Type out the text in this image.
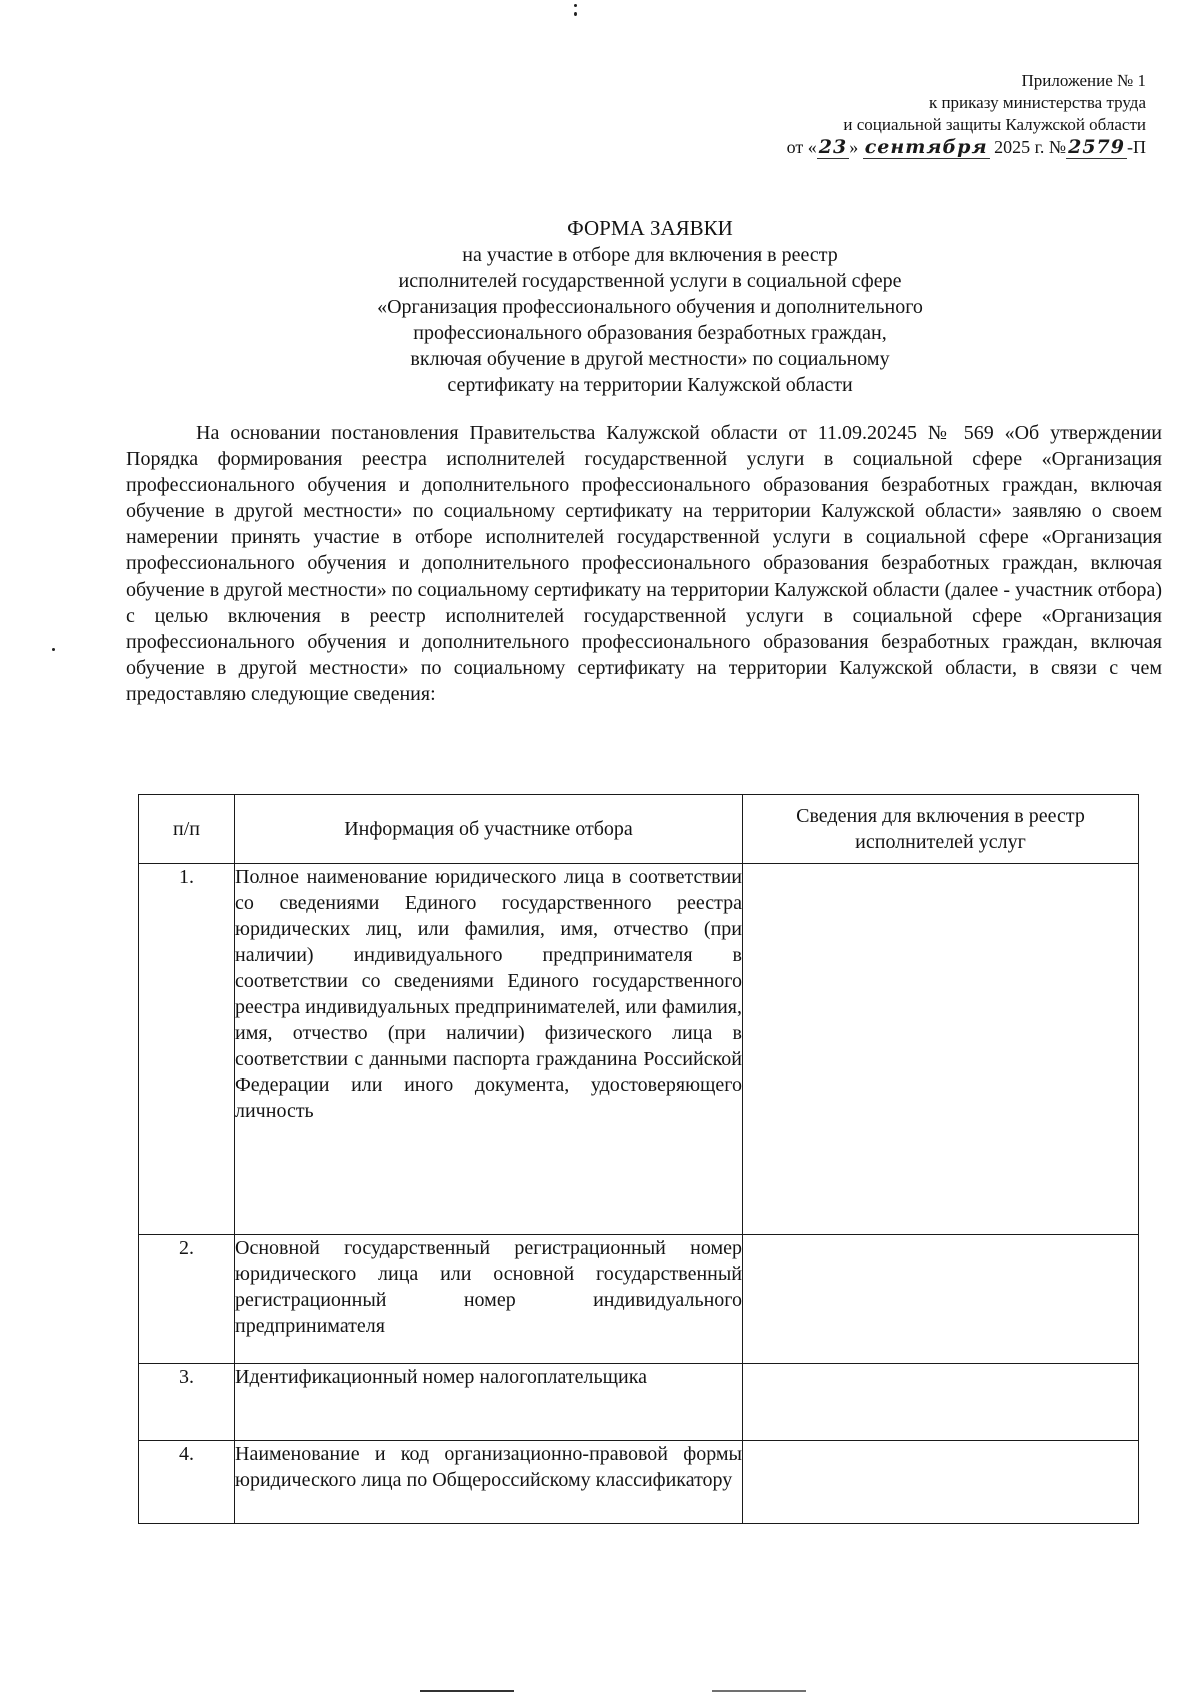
Приложение № 1
к приказу министерства труда
и социальной защиты Калужской области
от « 23 » сентября 2025 г. № 2579 -П
ФОРМА ЗАЯВКИ
на участие в отборе для включения в реестр
исполнителей государственной услуги в социальной сфере
«Организация профессионального обучения и дополнительного
профессионального образования безработных граждан,
включая обучение в другой местности» по социальному
сертификату на территории Калужской области

На основании постановления Правительства Калужской области от 11.09.20245 № 569 «Об утверждении Порядка формирования реестра исполнителей государственной услуги в социальной сфере «Организация профессионального обучения и дополнительного профессионального образования безработных граждан, включая обучение в другой местности» по социальному сертификату на территории Калужской области» заявляю о своем намерении принять участие в отборе исполнителей государственной услуги в социальной сфере «Организация профессионального обучения и дополнительного профессионального образования безработных граждан, включая обучение в другой местности» по социальному сертификату на территории Калужской области (далее - участник отбора) с целью включения в реестр исполнителей государственной услуги в социальной сфере «Организация профессионального обучения и дополнительного профессионального образования безработных граждан, включая обучение в другой местности» по социальному сертификату на территории Калужской области, в связи с чем предоставляю следующие сведения:

п/п	Информация об участнике отбора	Сведения для включения в реестр исполнителей услуг
1.	Полное наименование юридического лица в соответствии со сведениями Единого государственного реестра юридических лиц, или фамилия, имя, отчество (при наличии) индивидуального предпринимателя в соответствии со сведениями Единого государственного реестра индивидуальных предпринимателей, или фамилия, имя, отчество (при наличии) физического лица в соответствии с данными паспорта гражданина Российской Федерации или иного документа, удостоверяющего личность	
2.	Основной государственный регистрационный номер юридического лица или основной государственный регистрационный номер индивидуального предпринимателя	
3.	Идентификационный номер налогоплательщика	
4.	Наименование и код организационно-правовой формы юридического лица по Общероссийскому классификатору	
